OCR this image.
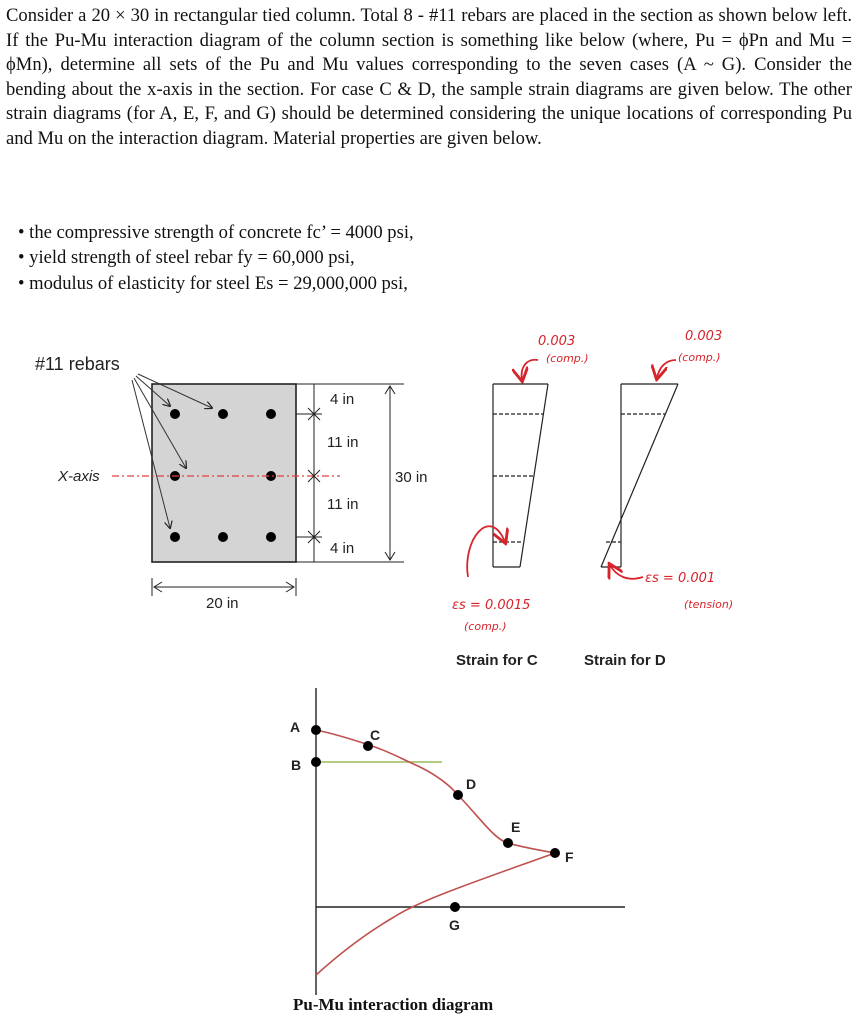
Consider a 20 × 30 in rectangular tied column. Total 8 - #11 rebars are placed in the section as shown below left. If the Pu-Mu interaction diagram of the column section is something like below (where, Pu = ϕPn and Mu = ϕMn), determine all sets of the Pu and Mu values corresponding to the seven cases (A ~ G). Consider the bending about the x-axis in the section. For case C & D, the sample strain diagrams are given below. The other strain diagrams (for A, E, F, and G) should be determined considering the unique locations of corresponding Pu and Mu on the interaction diagram. Material properties are given below.
• the compressive strength of concrete fc’ = 4000 psi,
• yield strength of steel rebar fy = 60,000 psi,
• modulus of elasticity for steel Es = 29,000,000 psi,
#11 rebars
X-axis
4 in
11 in
11 in
4 in
30 in
20 in
0.003
(comp.)
εs = 0.0015
(comp.)
Strain for C
0.003
(comp.)
εs = 0.001
(tension)
Strain for D
A
B
C
D
E
F
G
Pu-Mu interaction diagram
